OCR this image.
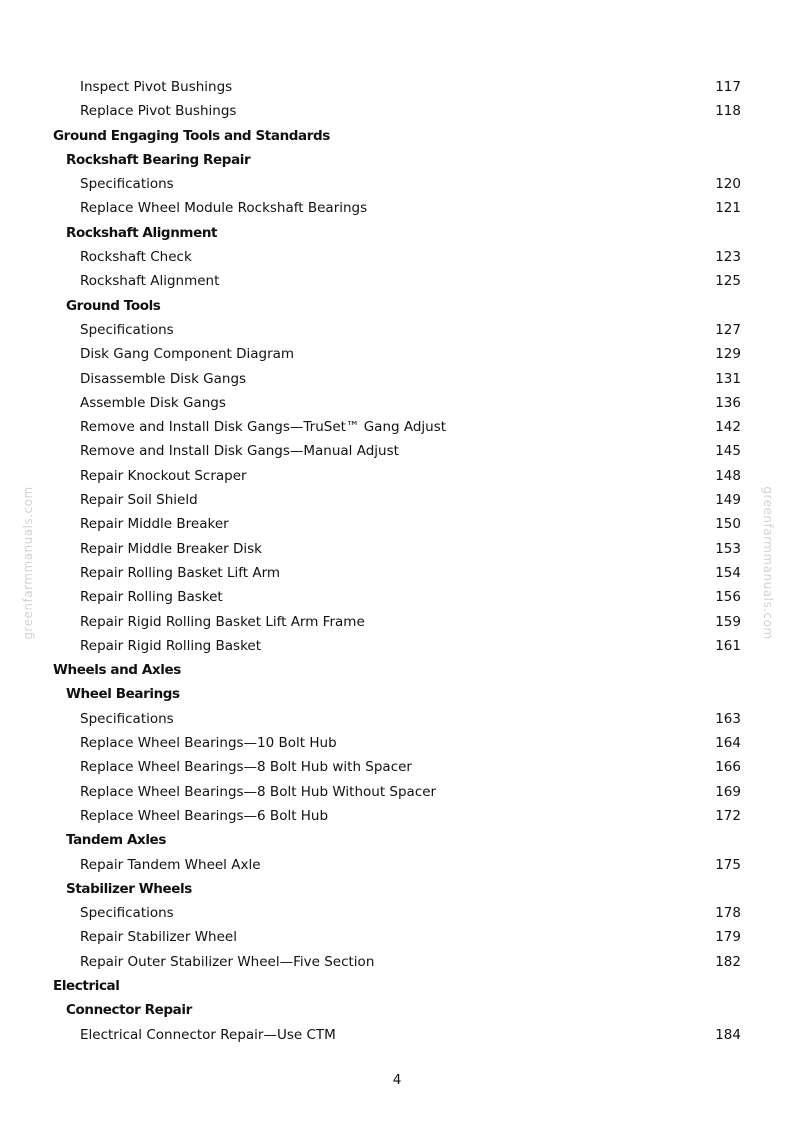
greenfarmmanuals.com	greenfarmmanuals.com
Inspect Pivot Bushings	117
Replace Pivot Bushings	118
Ground Engaging Tools and Standards
Rockshaft Bearing Repair
Specifications	120
Replace Wheel Module Rockshaft Bearings	121
Rockshaft Alignment
Rockshaft Check	123
Rockshaft Alignment	125
Ground Tools
Specifications	127
Disk Gang Component Diagram	129
Disassemble Disk Gangs	131
Assemble Disk Gangs	136
Remove and Install Disk Gangs—TruSet™ Gang Adjust	142
Remove and Install Disk Gangs—Manual Adjust	145
Repair Knockout Scraper	148
Repair Soil Shield	149
Repair Middle Breaker	150
Repair Middle Breaker Disk	153
Repair Rolling Basket Lift Arm	154
Repair Rolling Basket	156
Repair Rigid Rolling Basket Lift Arm Frame	159
Repair Rigid Rolling Basket	161
Wheels and Axles
Wheel Bearings
Specifications	163
Replace Wheel Bearings—10 Bolt Hub	164
Replace Wheel Bearings—8 Bolt Hub with Spacer	166
Replace Wheel Bearings—8 Bolt Hub Without Spacer	169
Replace Wheel Bearings—6 Bolt Hub	172
Tandem Axles
Repair Tandem Wheel Axle	175
Stabilizer Wheels
Specifications	178
Repair Stabilizer Wheel	179
Repair Outer Stabilizer Wheel—Five Section	182
Electrical
Connector Repair
Electrical Connector Repair—Use CTM	184
4
